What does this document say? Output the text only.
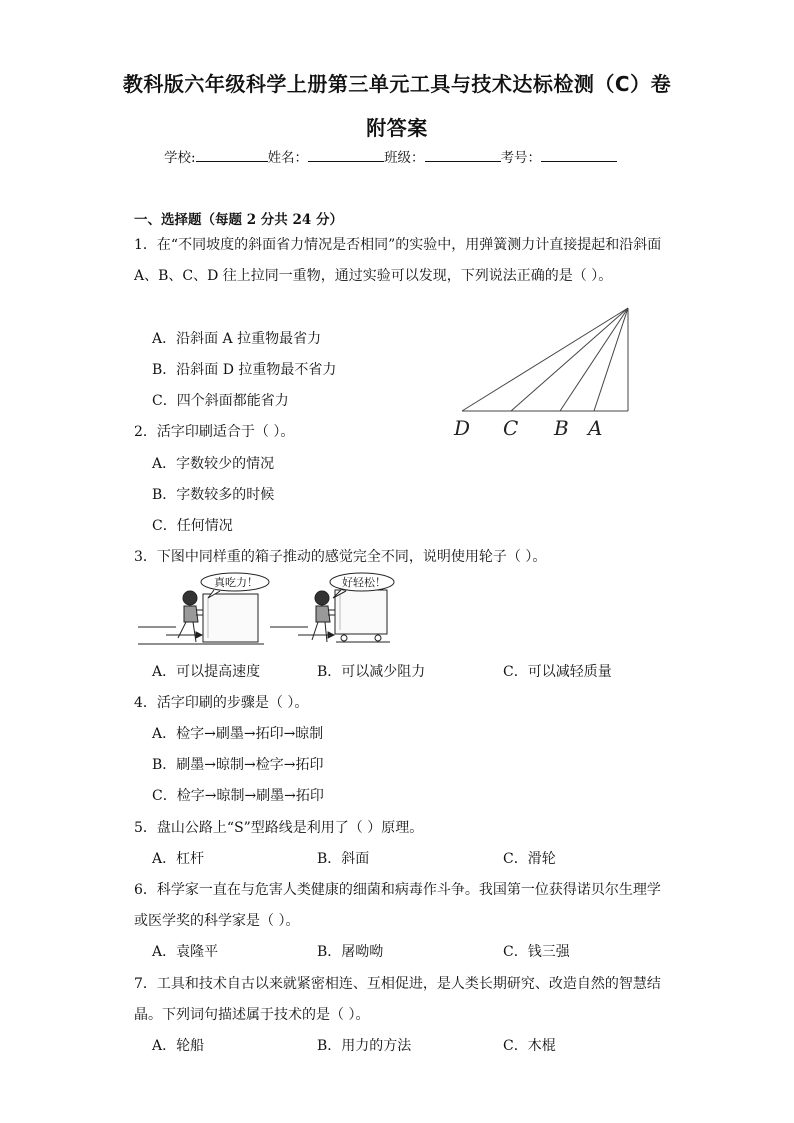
教科版六年级科学上册第三单元工具与技术达标检测（C）卷
附答案
学校:	姓名：	班级：	考号：
一、选择题（每题 2 分共 24 分）
1．在“不同坡度的斜面省力情况是否相同”的实验中，用弹簧测力计直接提起和沿斜面
A、B、C、D 往上拉同一重物，通过实验可以发现，下列说法正确的是（ ）。
A．沿斜面 A 拉重物最省力
B．沿斜面 D 拉重物最不省力
C．四个斜面都能省力
D C B A
2．活字印刷适合于（ ）。
A．字数较少的情况
B．字数较多的时候
C．任何情况
3．下图中同样重的箱子推动的感觉完全不同，说明使用轮子（ ）。
真吃力！	好轻松！
A．可以提高速度	B．可以减少阻力	C．可以减轻质量
4．活字印刷的步骤是（ ）。
A．检字→刷墨→拓印→晾制
B．刷墨→晾制→检字→拓印
C．检字→晾制→刷墨→拓印
5．盘山公路上“S”型路线是利用了（ ）原理。
A．杠杆	B．斜面	C．滑轮
6．科学家一直在与危害人类健康的细菌和病毒作斗争。我国第一位获得诺贝尔生理学
或医学奖的科学家是（ ）。
A．袁隆平	B．屠呦呦	C．钱三强
7．工具和技术自古以来就紧密相连、互相促进，是人类长期研究、改造自然的智慧结
晶。下列词句描述属于技术的是（ ）。
A．轮船	B．用力的方法	C．木棍
